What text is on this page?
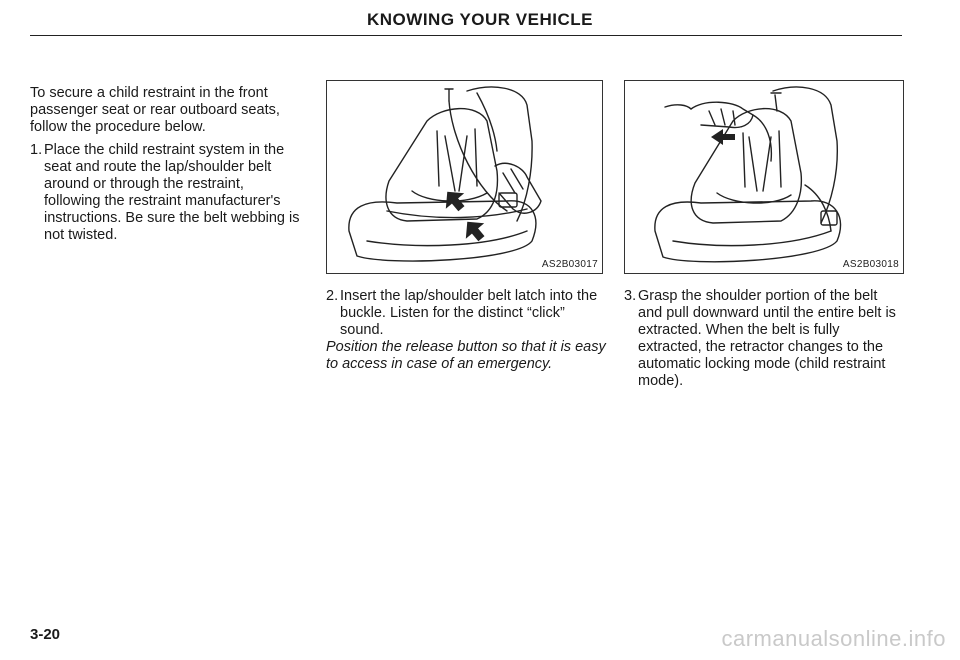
KNOWING YOUR VEHICLE

To secure a child restraint in the front passenger seat or rear outboard seats, follow the procedure below.

1. Place the child restraint system in the seat and route the lap/shoulder belt around or through the restraint, following the restraint manufacturer's instructions. Be sure the belt webbing is not twisted.
AS2B03017	AS2B03018
2. Insert the lap/shoulder belt latch into the buckle. Listen for the distinct “click” sound.

Position the release button so that it is easy to access in case of an emergency.

3. Grasp the shoulder portion of the belt and pull downward until the entire belt is extracted. When the belt is fully extracted, the retractor changes to the automatic locking mode (child restraint mode).
3-20	carmanualsonline.info
